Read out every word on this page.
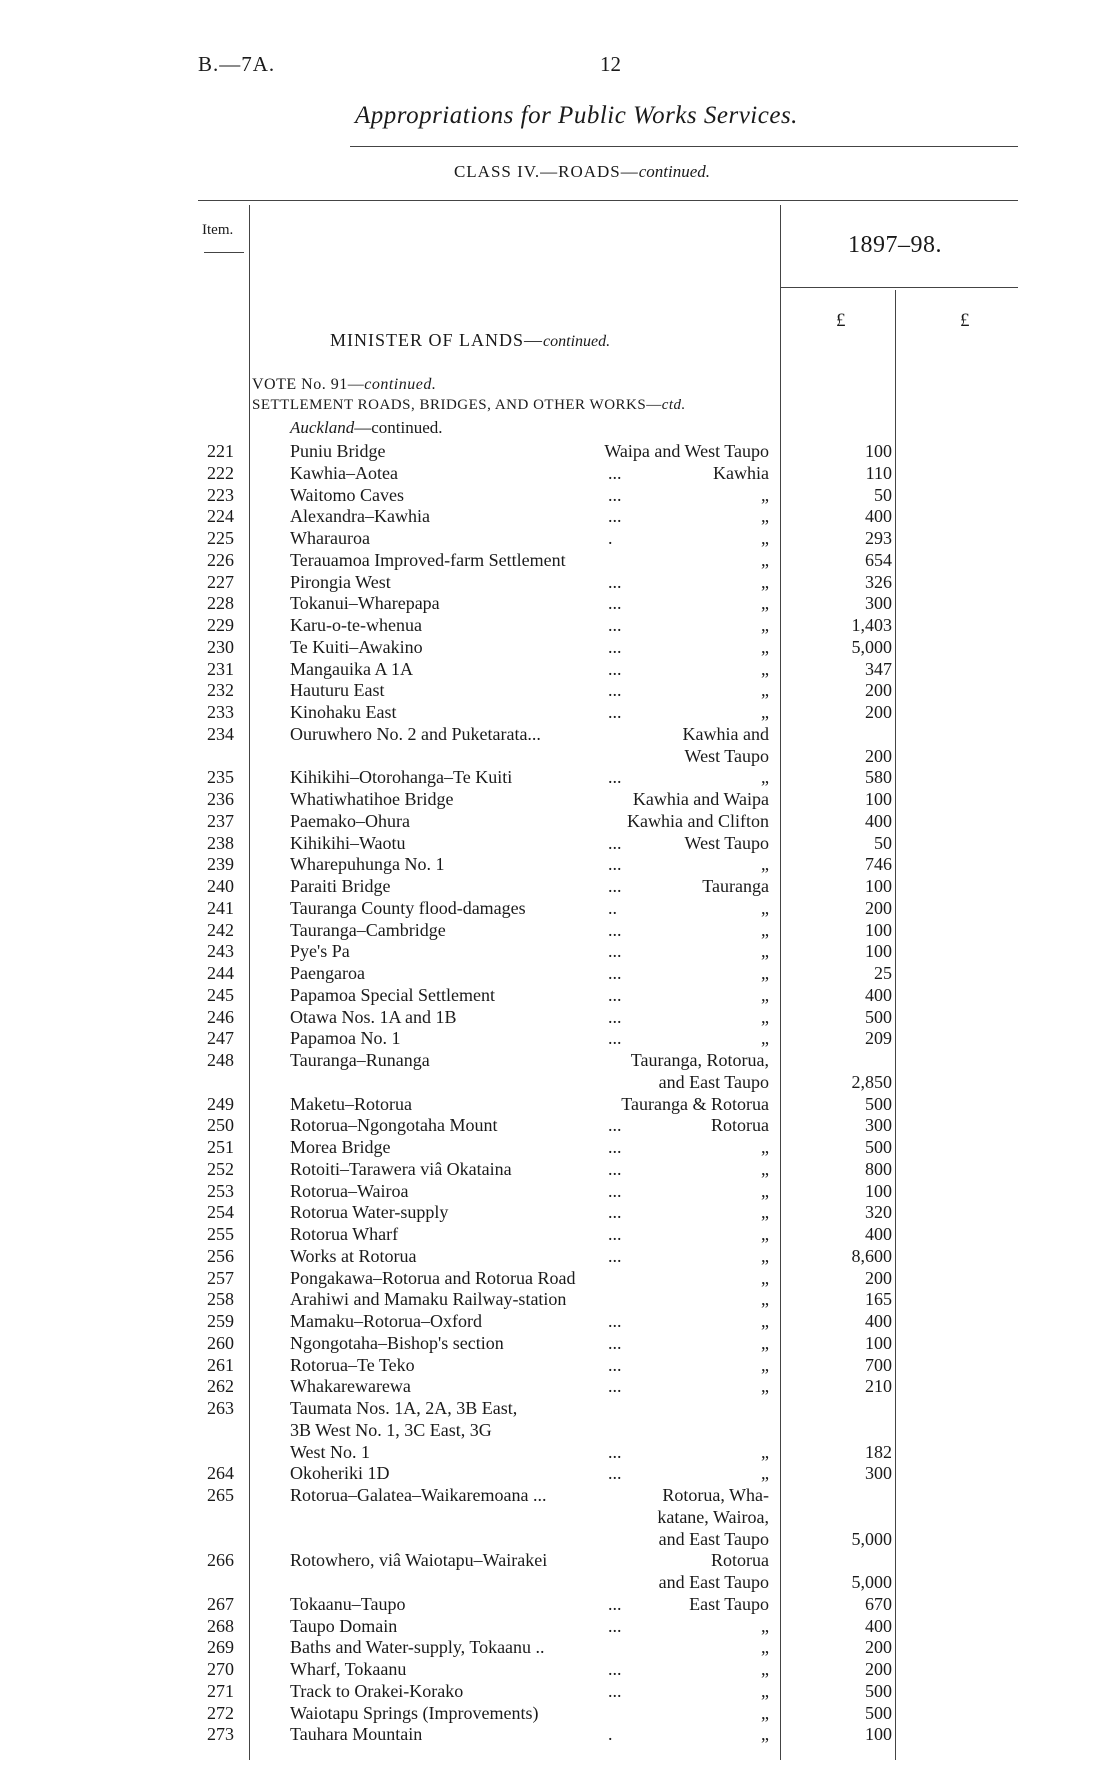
B.—7A.	12
Appropriations for Public Works Services.
CLASS IV.—ROADS—continued.
Item.
1897–98.
£	£
MINISTER OF LANDS—continued.
VOTE No. 91—continued.
SETTLEMENT ROADS, BRIDGES, AND OTHER WORKS—ctd.
Auckland—continued.
221	Puniu Bridge	Waipa and West Taupo	100
222	Kawhia–Aotea	...	Kawhia	110
223	Waitomo Caves	...	„	50
224	Alexandra–Kawhia	...	„	400
225	Wharauroa	.	„	293
226	Terauamoa Improved-farm Settlement	„	654
227	Pirongia West	...	„	326
228	Tokanui–Wharepapa	...	„	300
229	Karu-o-te-whenua	...	„	1,403
230	Te Kuiti–Awakino	...	„	5,000
231	Mangauika A 1A	...	„	347
232	Hauturu East	...	„	200
233	Kinohaku East	...	„	200
234	Ouruwhero No. 2 and Puketarata...	Kawhia and
West Taupo	200
235	Kihikihi–Otorohanga–Te Kuiti	...	„	580
236	Whatiwhatihoe Bridge	Kawhia and Waipa	100
237	Paemako–Ohura	Kawhia and Clifton	400
238	Kihikihi–Waotu	...	West Taupo	50
239	Wharepuhunga No. 1	...	„	746
240	Paraiti Bridge	...	Tauranga	100
241	Tauranga County flood-damages	..	„	200
242	Tauranga–Cambridge	...	„	100
243	Pye's Pa	...	„	100
244	Paengaroa	...	„	25
245	Papamoa Special Settlement	...	„	400
246	Otawa Nos. 1A and 1B	...	„	500
247	Papamoa No. 1	...	„	209
248	Tauranga–Runanga	Tauranga, Rotorua,
and East Taupo	2,850
249	Maketu–Rotorua	Tauranga & Rotorua	500
250	Rotorua–Ngongotaha Mount	...	Rotorua	300
251	Morea Bridge	...	„	500
252	Rotoiti–Tarawera viâ Okataina	...	„	800
253	Rotorua–Wairoa	...	„	100
254	Rotorua Water-supply	...	„	320
255	Rotorua Wharf	...	„	400
256	Works at Rotorua	...	„	8,600
257	Pongakawa–Rotorua and Rotorua Road	„	200
258	Arahiwi and Mamaku Railway-station	„	165
259	Mamaku–Rotorua–Oxford	...	„	400
260	Ngongotaha–Bishop's section	...	„	100
261	Rotorua–Te Teko	...	„	700
262	Whakarewarewa	...	„	210
263	Taumata Nos. 1A, 2A, 3B East,
3B West No. 1, 3C East, 3G
West No. 1	...	„	182
264	Okoheriki 1D	...	„	300
265	Rotorua–Galatea–Waikaremoana ...	Rotorua, Wha-
katane, Wairoa,
and East Taupo	5,000
266	Rotowhero, viâ Waiotapu–Wairakei	Rotorua
and East Taupo	5,000
267	Tokaanu–Taupo	...	East Taupo	670
268	Taupo Domain	...	„	400
269	Baths and Water-supply, Tokaanu ..	„	200
270	Wharf, Tokaanu	...	„	200
271	Track to Orakei-Korako	...	„	500
272	Waiotapu Springs (Improvements)	„	500
273	Tauhara Mountain	.	„	100
